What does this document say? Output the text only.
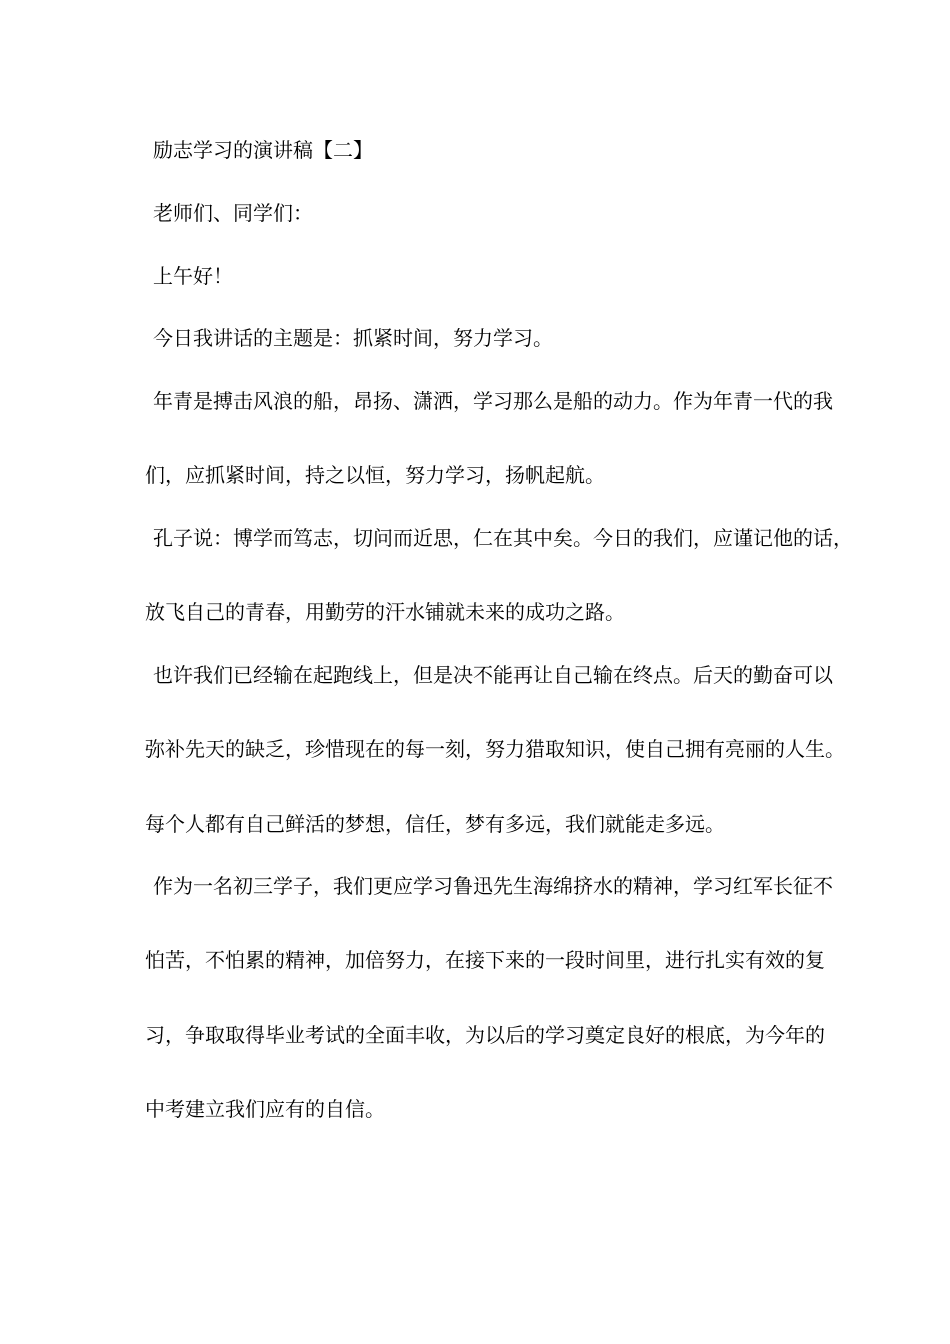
励志学习的演讲稿【二】
老师们、同学们：
上午好！
今日我讲话的主题是：抓紧时间，努力学习。
年青是搏击风浪的船，昂扬、潇洒，学习那么是船的动力。作为年青一代的我
们，应抓紧时间，持之以恒，努力学习，扬帆起航。
孔子说：博学而笃志，切问而近思，仁在其中矣。今日的我们，应谨记他的话，
放飞自己的青春，用勤劳的汗水铺就未来的成功之路。
也许我们已经输在起跑线上，但是决不能再让自己输在终点。后天的勤奋可以
弥补先天的缺乏，珍惜现在的每一刻，努力猎取知识，使自己拥有亮丽的人生。
每个人都有自己鲜活的梦想，信任，梦有多远，我们就能走多远。
作为一名初三学子，我们更应学习鲁迅先生海绵挤水的精神，学习红军长征不
怕苦，不怕累的精神，加倍努力，在接下来的一段时间里，进行扎实有效的复
习，争取取得毕业考试的全面丰收，为以后的学习奠定良好的根底，为今年的
中考建立我们应有的自信。
